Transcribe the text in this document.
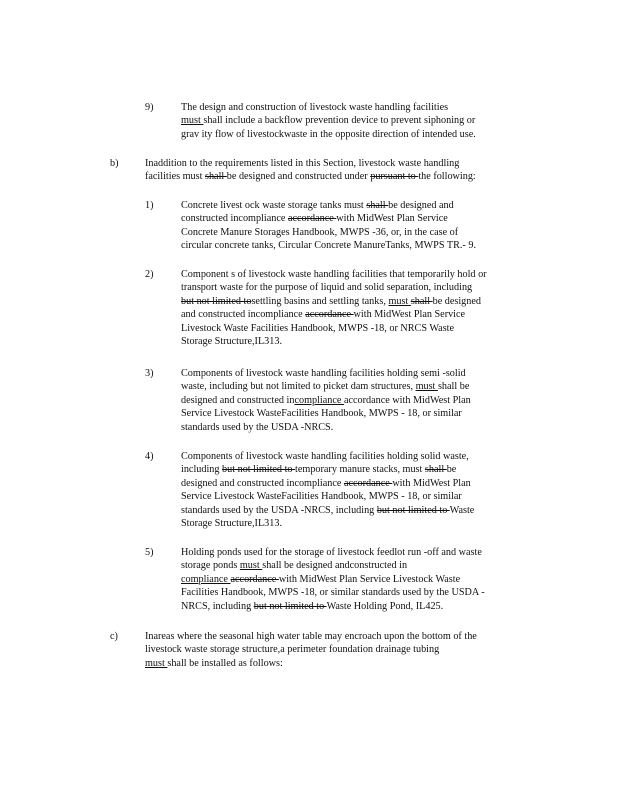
9)	The design and construction of livestock waste handling facilities
must shall include a backflow prevention device to prevent siphoning or
grav ity flow of livestockwaste in the opposite direction of intended use.
b)	Inaddition to the requirements listed in this Section, livestock waste handling
facilities must shall be designed and constructed under pursuant to the following:
1)	Concrete livest ock waste storage tanks must shall be designed and
constructed incompliance accordance with MidWest Plan Service
Concrete Manure Storages Handbook, MWPS -36, or, in the case of
circular concrete tanks, Circular Concrete ManureTanks, MWPS TR.- 9.
2)	Component s of livestock waste handling facilities that temporarily hold or
transport waste for the purpose of liquid and solid separation, including
but not limited tosettling basins and settling tanks, must shall be designed
and constructed incompliance accordance with MidWest Plan Service
Livestock Waste Facilities Handbook, MWPS -18, or NRCS Waste
Storage Structure,IL313.
3)	Components of livestock waste handling facilities holding semi -solid
waste, including but not limited to picket dam structures, must shall be
designed and constructed incompliance accordance with MidWest Plan
Service Livestock WasteFacilities Handbook, MWPS - 18, or similar
standards used by the USDA -NRCS.
4)	Components of livestock waste handling facilities holding solid waste,
including but not limited to temporary manure stacks, must shall be
designed and constructed incompliance accordance with MidWest Plan
Service Livestock WasteFacilities Handbook, MWPS - 18, or similar
standards used by the USDA -NRCS, including but not limited to Waste
Storage Structure,IL313.
5)	Holding ponds used for the storage of livestock feedlot run -off and waste
storage ponds must shall be designed andconstructed in
compliance accordance with MidWest Plan Service Livestock Waste
Facilities Handbook, MWPS -18, or similar standards used by the USDA -
NRCS, including but not limited to Waste Holding Pond, IL425.
c)	Inareas where the seasonal high water table may encroach upon the bottom of the
livestock waste storage structure,a perimeter foundation drainage tubing
must shall be installed as follows:
